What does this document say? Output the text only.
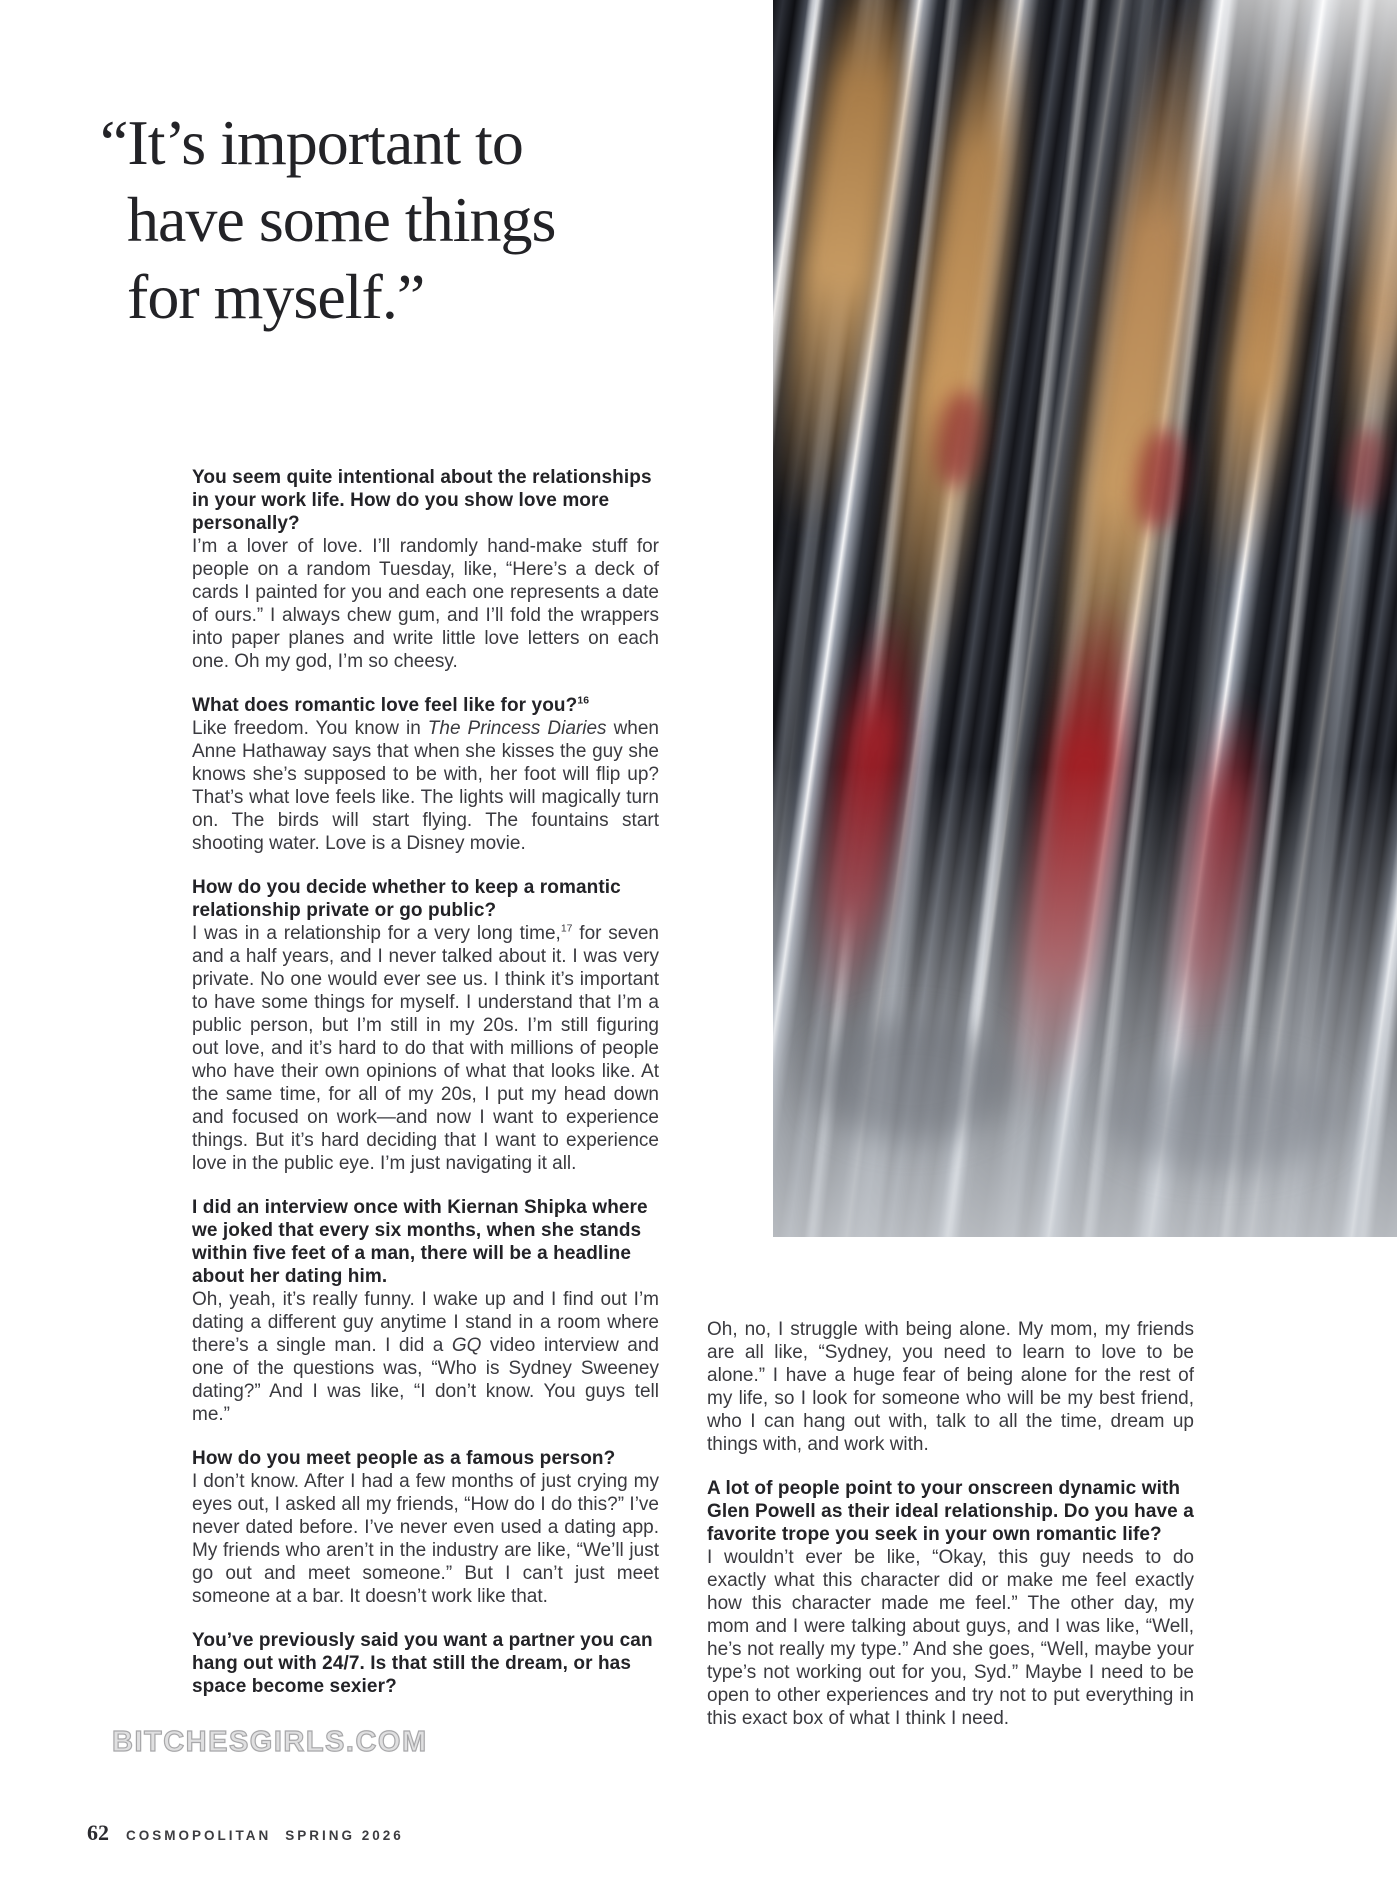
“It’s important to
have some things
for myself.”
You seem quite intentional about the relationships in your work life. How do you show love more personally?
I’m a lover of love. I’ll randomly hand-make stuff for people on a random Tuesday, like, “Here’s a deck of cards I painted for you and each one represents a date of ours.” I always chew gum, and I’ll fold the wrappers into paper planes and write little love letters on each one. Oh my god, I’m so cheesy.
What does romantic love feel like for you?$^{16}$
Like freedom. You know in The Princess Diaries when Anne Hathaway says that when she kisses the guy she knows she’s supposed to be with, her foot will flip up? That’s what love feels like. The lights will magically turn on. The birds will start flying. The fountains start shooting water. Love is a Disney movie.
How do you decide whether to keep a romantic relationship private or go public?
I was in a relationship for a very long time,$^{17}$ for seven and a half years, and I never talked about it. I was very private. No one would ever see us. I think it’s important to have some things for myself. I understand that I’m a public person, but I’m still in my 20s. I’m still figuring out love, and it’s hard to do that with millions of people who have their own opinions of what that looks like. At the same time, for all of my 20s, I put my head down and focused on work—and now I want to experience things. But it’s hard deciding that I want to experience love in the public eye. I’m just navigating it all.
I did an interview once with Kiernan Shipka where we joked that every six months, when she stands within five feet of a man, there will be a headline about her dating him.
Oh, yeah, it’s really funny. I wake up and I find out I’m dating a different guy anytime I stand in a room where there’s a single man. I did a GQ video interview and one of the questions was, “Who is Sydney Sweeney dating?” And I was like, “I don’t know. You guys tell me.”
How do you meet people as a famous person?
I don’t know. After I had a few months of just crying my eyes out, I asked all my friends, “How do I do this?” I’ve never dated before. I’ve never even used a dating app. My friends who aren’t in the industry are like, “We’ll just go out and meet someone.” But I can’t just meet someone at a bar. It doesn’t work like that.
You’ve previously said you want a partner you can hang out with 24/7. Is that still the dream, or has space become sexier?
Oh, no, I struggle with being alone. My mom, my friends are all like, “Sydney, you need to learn to love to be alone.” I have a huge fear of being alone for the rest of my life, so I look for someone who will be my best friend, who I can hang out with, talk to all the time, dream up things with, and work with.
A lot of people point to your onscreen dynamic with Glen Powell as their ideal relationship. Do you have a favorite trope you seek in your own romantic life?
I wouldn’t ever be like, “Okay, this guy needs to do exactly what this character did or make me feel exactly how this character made me feel.” The other day, my mom and I were talking about guys, and I was like, “Well, he’s not really my type.” And she goes, “Well, maybe your type’s not working out for you, Syd.” Maybe I need to be open to other experiences and try not to put everything in this exact box of what I think I need.
BITCHESGIRLS.COM
62 COSMOPOLITAN SPRING 2026
